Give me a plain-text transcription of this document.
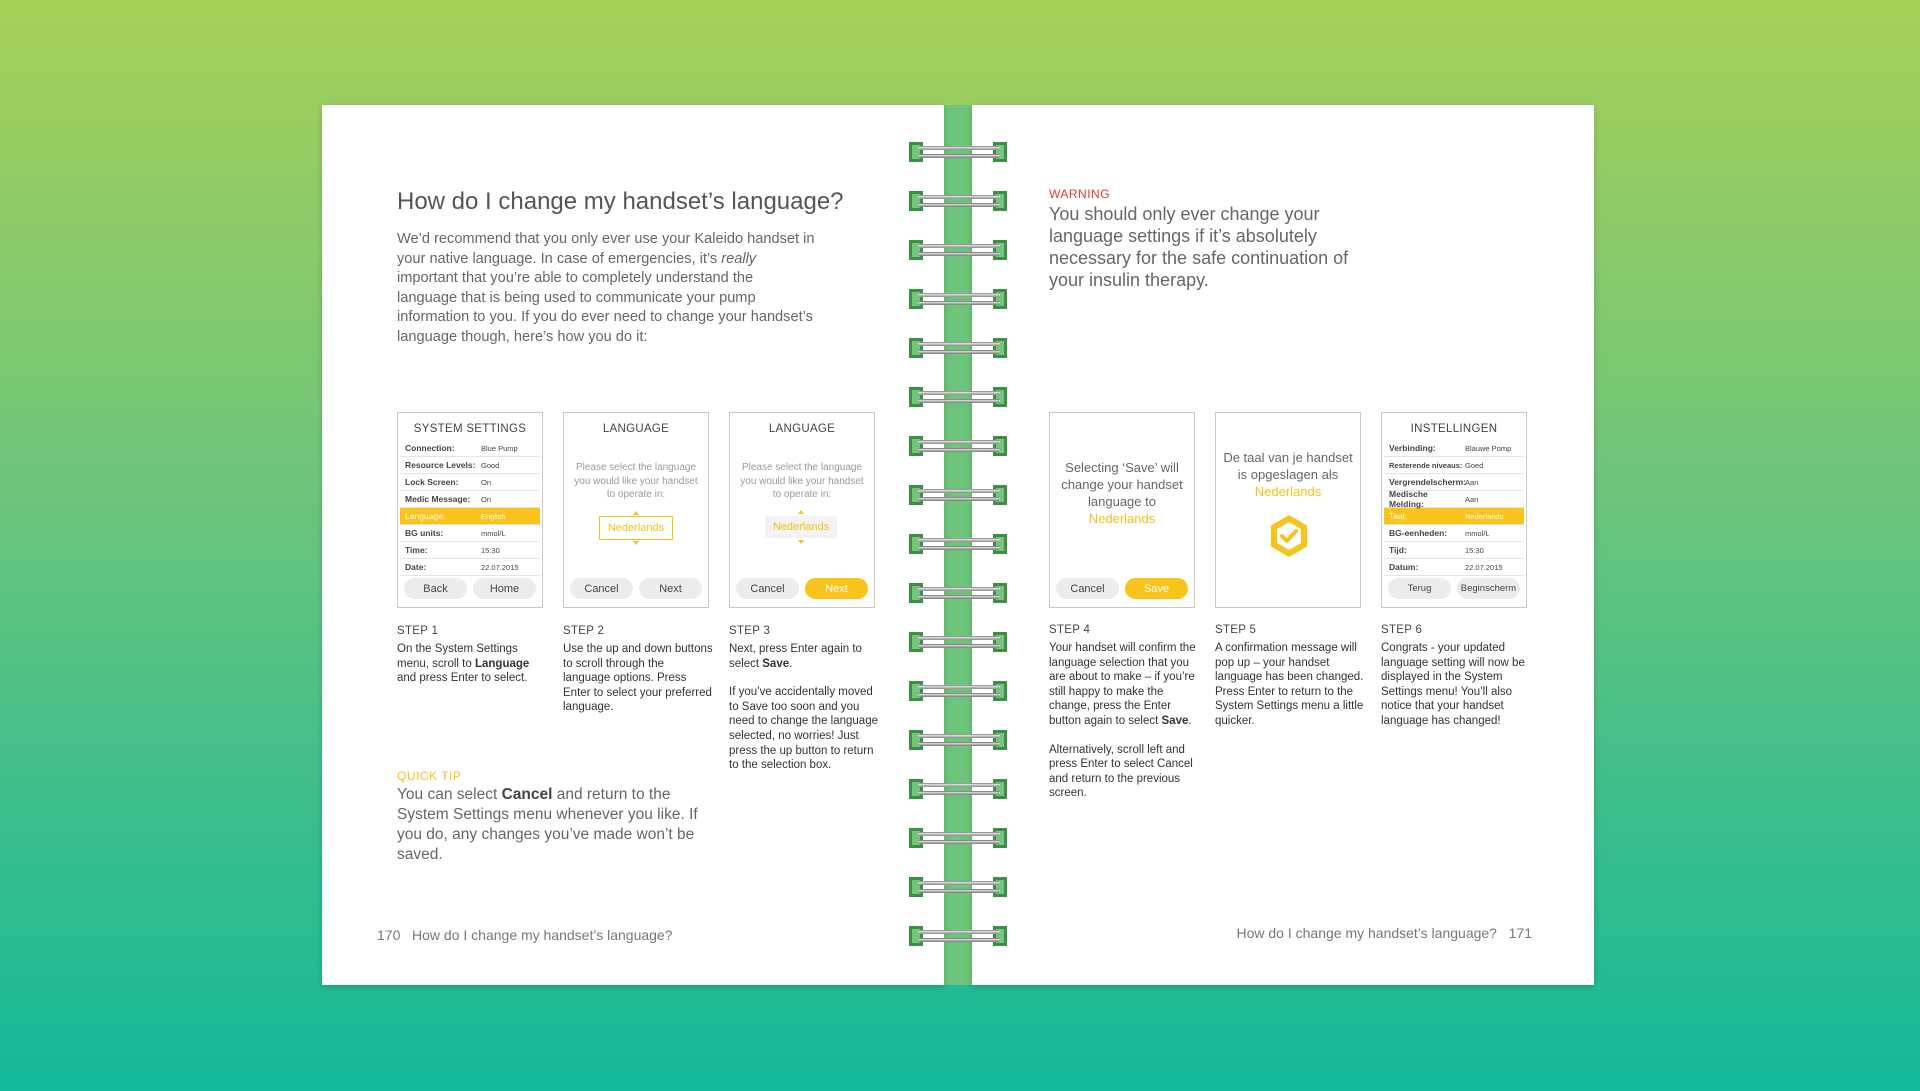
How do I change my handset’s language?
We’d recommend that you only ever use your Kaleido handset in your native language. In case of emergencies, it’s really important that you’re able to completely understand the language that is being used to communicate your pump information to you. If you do ever need to change your handset’s language though, here’s how you do it:
SYSTEM SETTINGS
Connection:	Blue Pump
Resource Levels: Good
Lock Screen:	On
Medic Message:	On
Language:	English
BG units:	mmol/L
Time:	15:30
Date:	22.07.2015
Back	Home
LANGUAGE
Please select the language you would like your handset to operate in:
Nederlands
Cancel	Next
LANGUAGE
Please select the language you would like your handset to operate in:
Nederlands
Cancel	Next
STEP 1
On the System Settings menu, scroll to Language and press Enter to select.
STEP 2
Use the up and down buttons to scroll through the language options. Press Enter to select your preferred language.
STEP 3

Next, press Enter again to select Save.

If you’ve accidentally moved to Save too soon and you need to change the language selected, no worries! Just press the up button to return to the selection box.

QUICK TIP
You can select Cancel and return to the System Settings menu whenever you like. If you do, any changes you’ve made won’t be saved.
170 How do I change my handset’s language?
WARNING
You should only ever change your language settings if it’s absolutely necessary for the safe continuation of your insulin therapy.
Selecting ‘Save’ will change your handset language to
Nederlands
Cancel	Save
De taal van je handset is opgeslagen als
Nederlands
INSTELLINGEN
Verbinding:	Blauwe Pomp
Resterende niveaus: Goed
Vergrendelscherm:
Aan
Medische Melding:	Aan
Taal:	Nederlands
BG-eenheden:	mmol/L
Tijd:	15:30
Datum:	22.07.2015
Terug	Beginscherm
STEP 4

Your handset will confirm the language selection that you are about to make – if you’re still happy to make the change, press the Enter button again to select Save.

Alternatively, scroll left and press Enter to select Cancel and return to the previous screen.

STEP 5
A confirmation message will pop up – your handset language has been changed. Press Enter to return to the System Settings menu a little quicker.
STEP 6
Congrats - your updated language setting will now be displayed in the System Settings menu! You’ll also notice that your handset language has changed!
How do I change my handset’s language? 171
